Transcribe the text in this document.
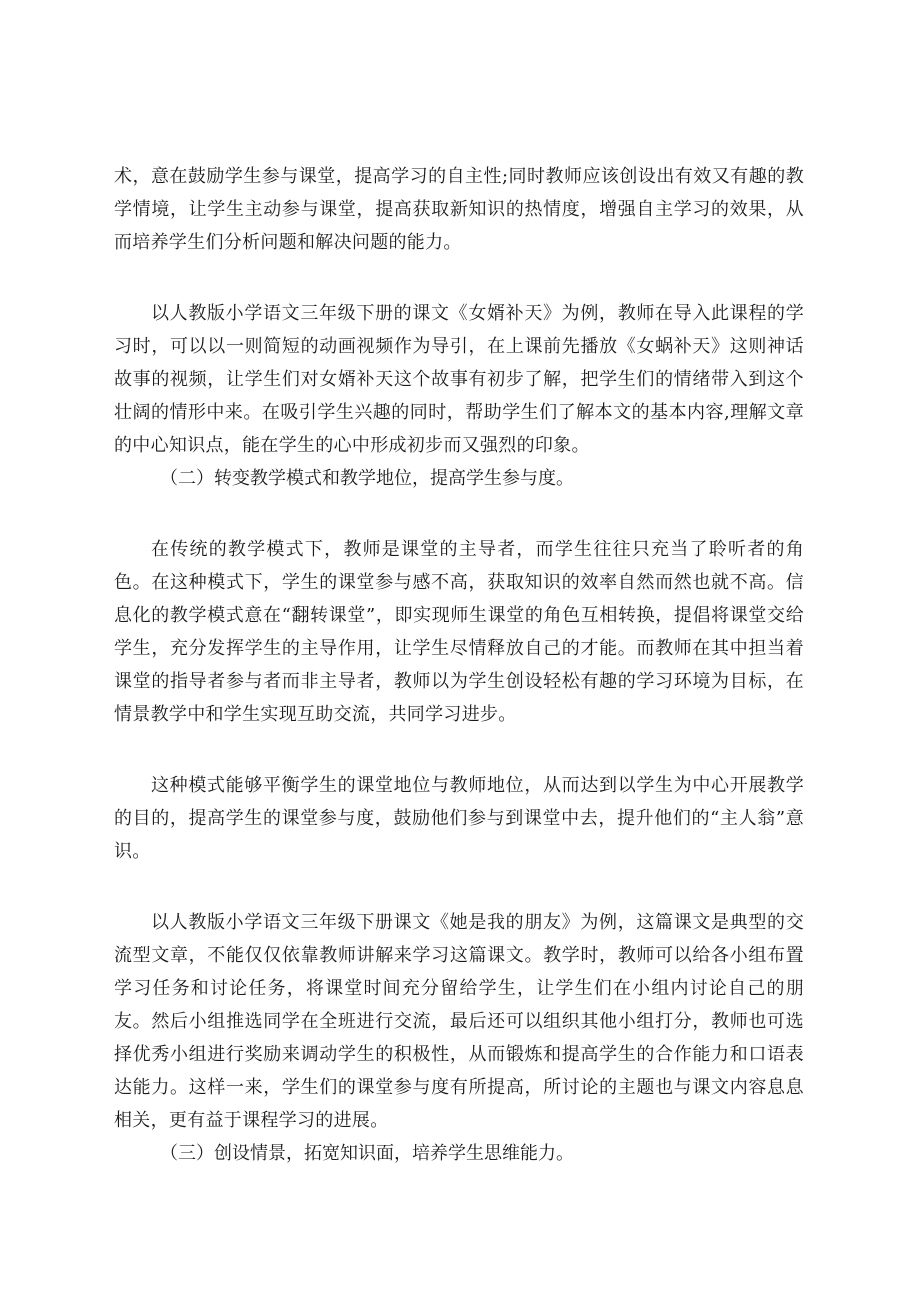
术，意在鼓励学生参与课堂，提高学习的自主性;同时教师应该创设出有效又有趣的教学情境，让学生主动参与课堂，提高获取新知识的热情度，增强自主学习的效果，从而培养学生们分析问题和解决问题的能力。

以人教版小学语文三年级下册的课文《女婿补天》为例，教师在导入此课程的学习时，可以以一则简短的动画视频作为导引，在上课前先播放《女蜗补天》这则神话故事的视频，让学生们对女婿补天这个故事有初步了解，把学生们的情绪带入到这个壮阔的情形中来。在吸引学生兴趣的同时，帮助学生们了解本文的基本内容,理解文章的中心知识点，能在学生的心中形成初步而又强烈的印象。

（二）转变教学模式和教学地位，提高学生参与度。

在传统的教学模式下，教师是课堂的主导者，而学生往往只充当了聆听者的角色。在这种模式下，学生的课堂参与感不高，获取知识的效率自然而然也就不高。信息化的教学模式意在“翻转课堂”，即实现师生课堂的角色互相转换，提倡将课堂交给学生，充分发挥学生的主导作用，让学生尽情释放自己的才能。而教师在其中担当着课堂的指导者参与者而非主导者，教师以为学生创设轻松有趣的学习环境为目标，在情景教学中和学生实现互助交流，共同学习进步。

这种模式能够平衡学生的课堂地位与教师地位，从而达到以学生为中心开展教学的目的，提高学生的课堂参与度，鼓励他们参与到课堂中去，提升他们的“主人翁”意识。

以人教版小学语文三年级下册课文《她是我的朋友》为例，这篇课文是典型的交流型文章，不能仅仅依靠教师讲解来学习这篇课文。教学时，教师可以给各小组布置学习任务和讨论任务，将课堂时间充分留给学生，让学生们在小组内讨论自己的朋友。然后小组推选同学在全班进行交流，最后还可以组织其他小组打分，教师也可选择优秀小组进行奖励来调动学生的积极性，从而锻炼和提高学生的合作能力和口语表达能力。这样一来，学生们的课堂参与度有所提高，所讨论的主题也与课文内容息息相关，更有益于课程学习的进展。

（三）创设情景，拓宽知识面，培养学生思维能力。
